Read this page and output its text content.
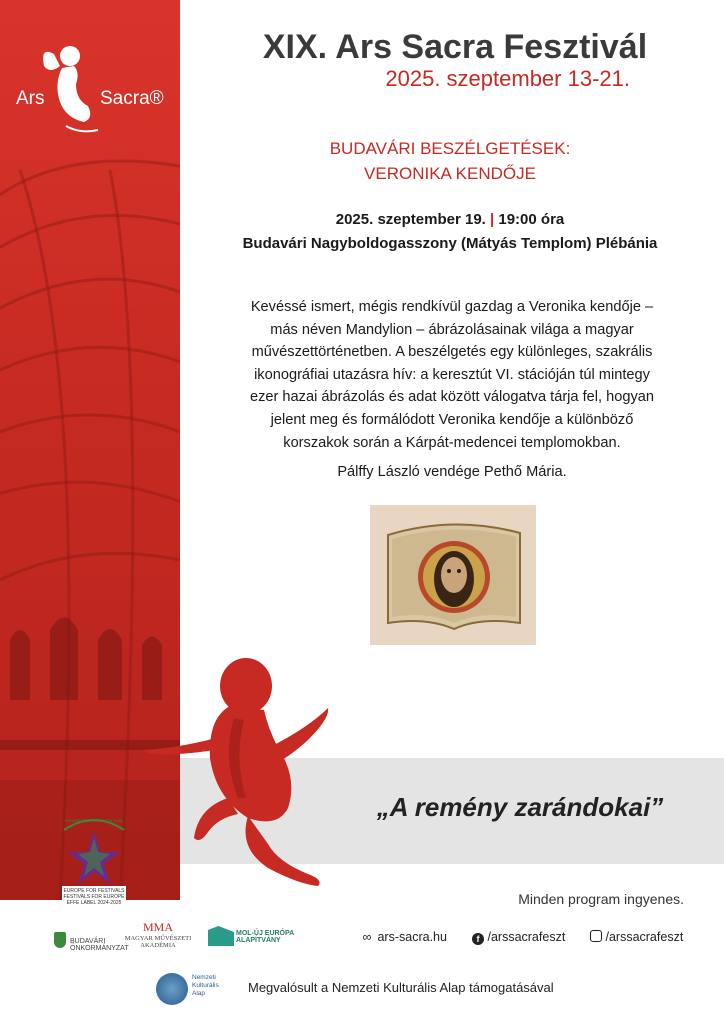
Ars	Sacra®
XIX. Ars Sacra Fesztivál
2025. szeptember 13-21.
BUDAVÁRI BESZÉLGETÉSEK:
VERONIKA KENDŐJE
2025. szeptember 19. | 19:00 óra
Budavári Nagyboldogasszony (Mátyás Templom) Plébánia
Kevéssé ismert, mégis rendkívül gazdag a Veronika kendője –
más néven Mandylion – ábrázolásainak világa a magyar
művészettörténetben. A beszélgetés egy különleges, szakrális
ikonográfiai utazásra hív: a keresztút VI. stációján túl mintegy
ezer hazai ábrázolás és adat között válogatva tárja fel, hogyan
jelent meg és formálódott Veronika kendője a különböző
korszakok során a Kárpát-medencei templomokban.
Pálffy László vendége Pethő Mária.
„A remény zarándokai”
EUROPE FOR FESTIVALS
FESTIVALS FOR EUROPE
EFFE LABEL 2024-2025
REMARKABLE ARTS FESTIVAL
Minden program ingyenes.
BUDAVÁRI ÖNKORMÁNYZAT
MMA
MAGYAR MŰVÉSZETI AKADÉMIA
MOL-ÚJ EURÓPA ALAPÍTVÁNY	∞ ars-sacra.hu	f /arssacrafeszt	/arssacrafeszt
Nemzeti
Kulturális
Alap	Megvalósult a Nemzeti Kulturális Alap támogatásával
